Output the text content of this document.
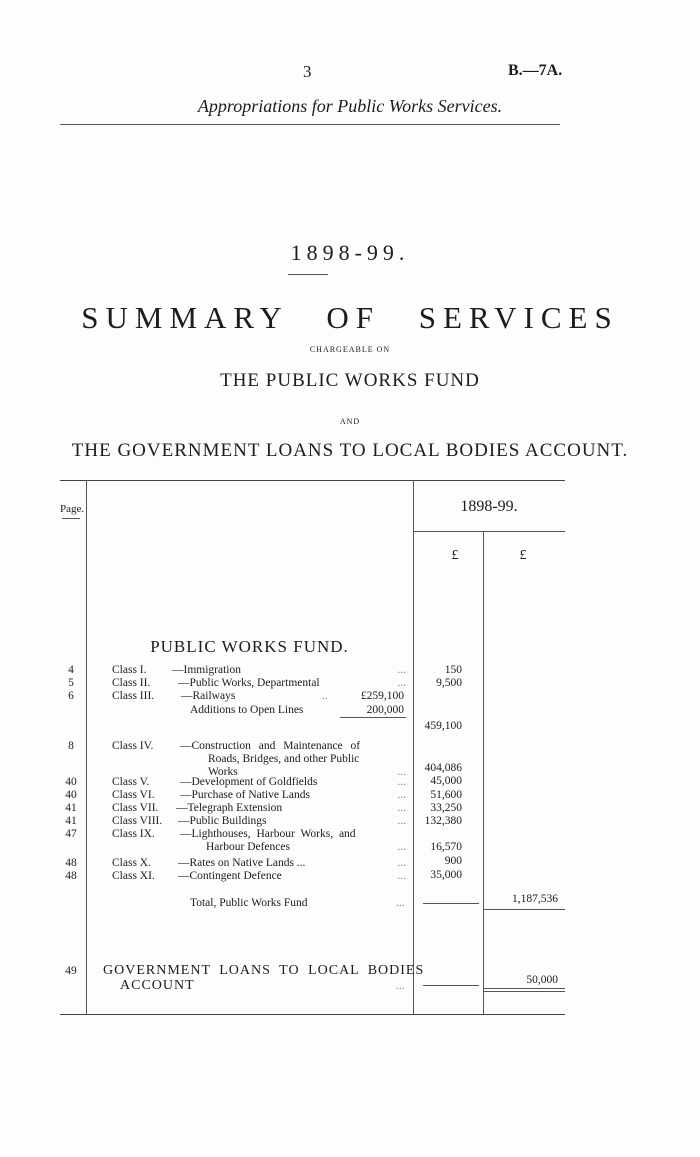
3	B.—7A.
Appropriations for Public Works Services.
1898-99.
SUMMARY OF SERVICES
CHARGEABLE ON
THE PUBLIC WORKS FUND
AND
THE GOVERNMENT LOANS TO LOCAL BODIES ACCOUNT.
Page.	1898-99.
£	£
PUBLIC WORKS FUND.
4	Class I. —Immigration	...	150
5	Class II. —Public Works, Departmental	...	9,500
6	Class III. —Railways	..	£259,100
Additions to Open Lines	200,000
459,100
8	Class IV. —Construction and Maintenance of
Roads, Bridges, and other Public
Works	...	404,086
40	Class V.	—Development of Goldfields	...	45,000
40	Class VI. —Purchase of Native Lands	...	51,600
41	Class VII. —Telegraph Extension	...	33,250
41	Class VIII. —Public Buildings	...	132,380
47	Class IX. —Lighthouses, Harbour Works, and
Harbour Defences	...	16,570
48	Class X. —Rates on Native Lands ...	...	900
48	Class XI. —Contingent Defence	...	35,000
Total, Public Works Fund	...	1,187,536
49	GOVERNMENT LOANS TO LOCAL BODIES
ACCOUNT	...	50,000
